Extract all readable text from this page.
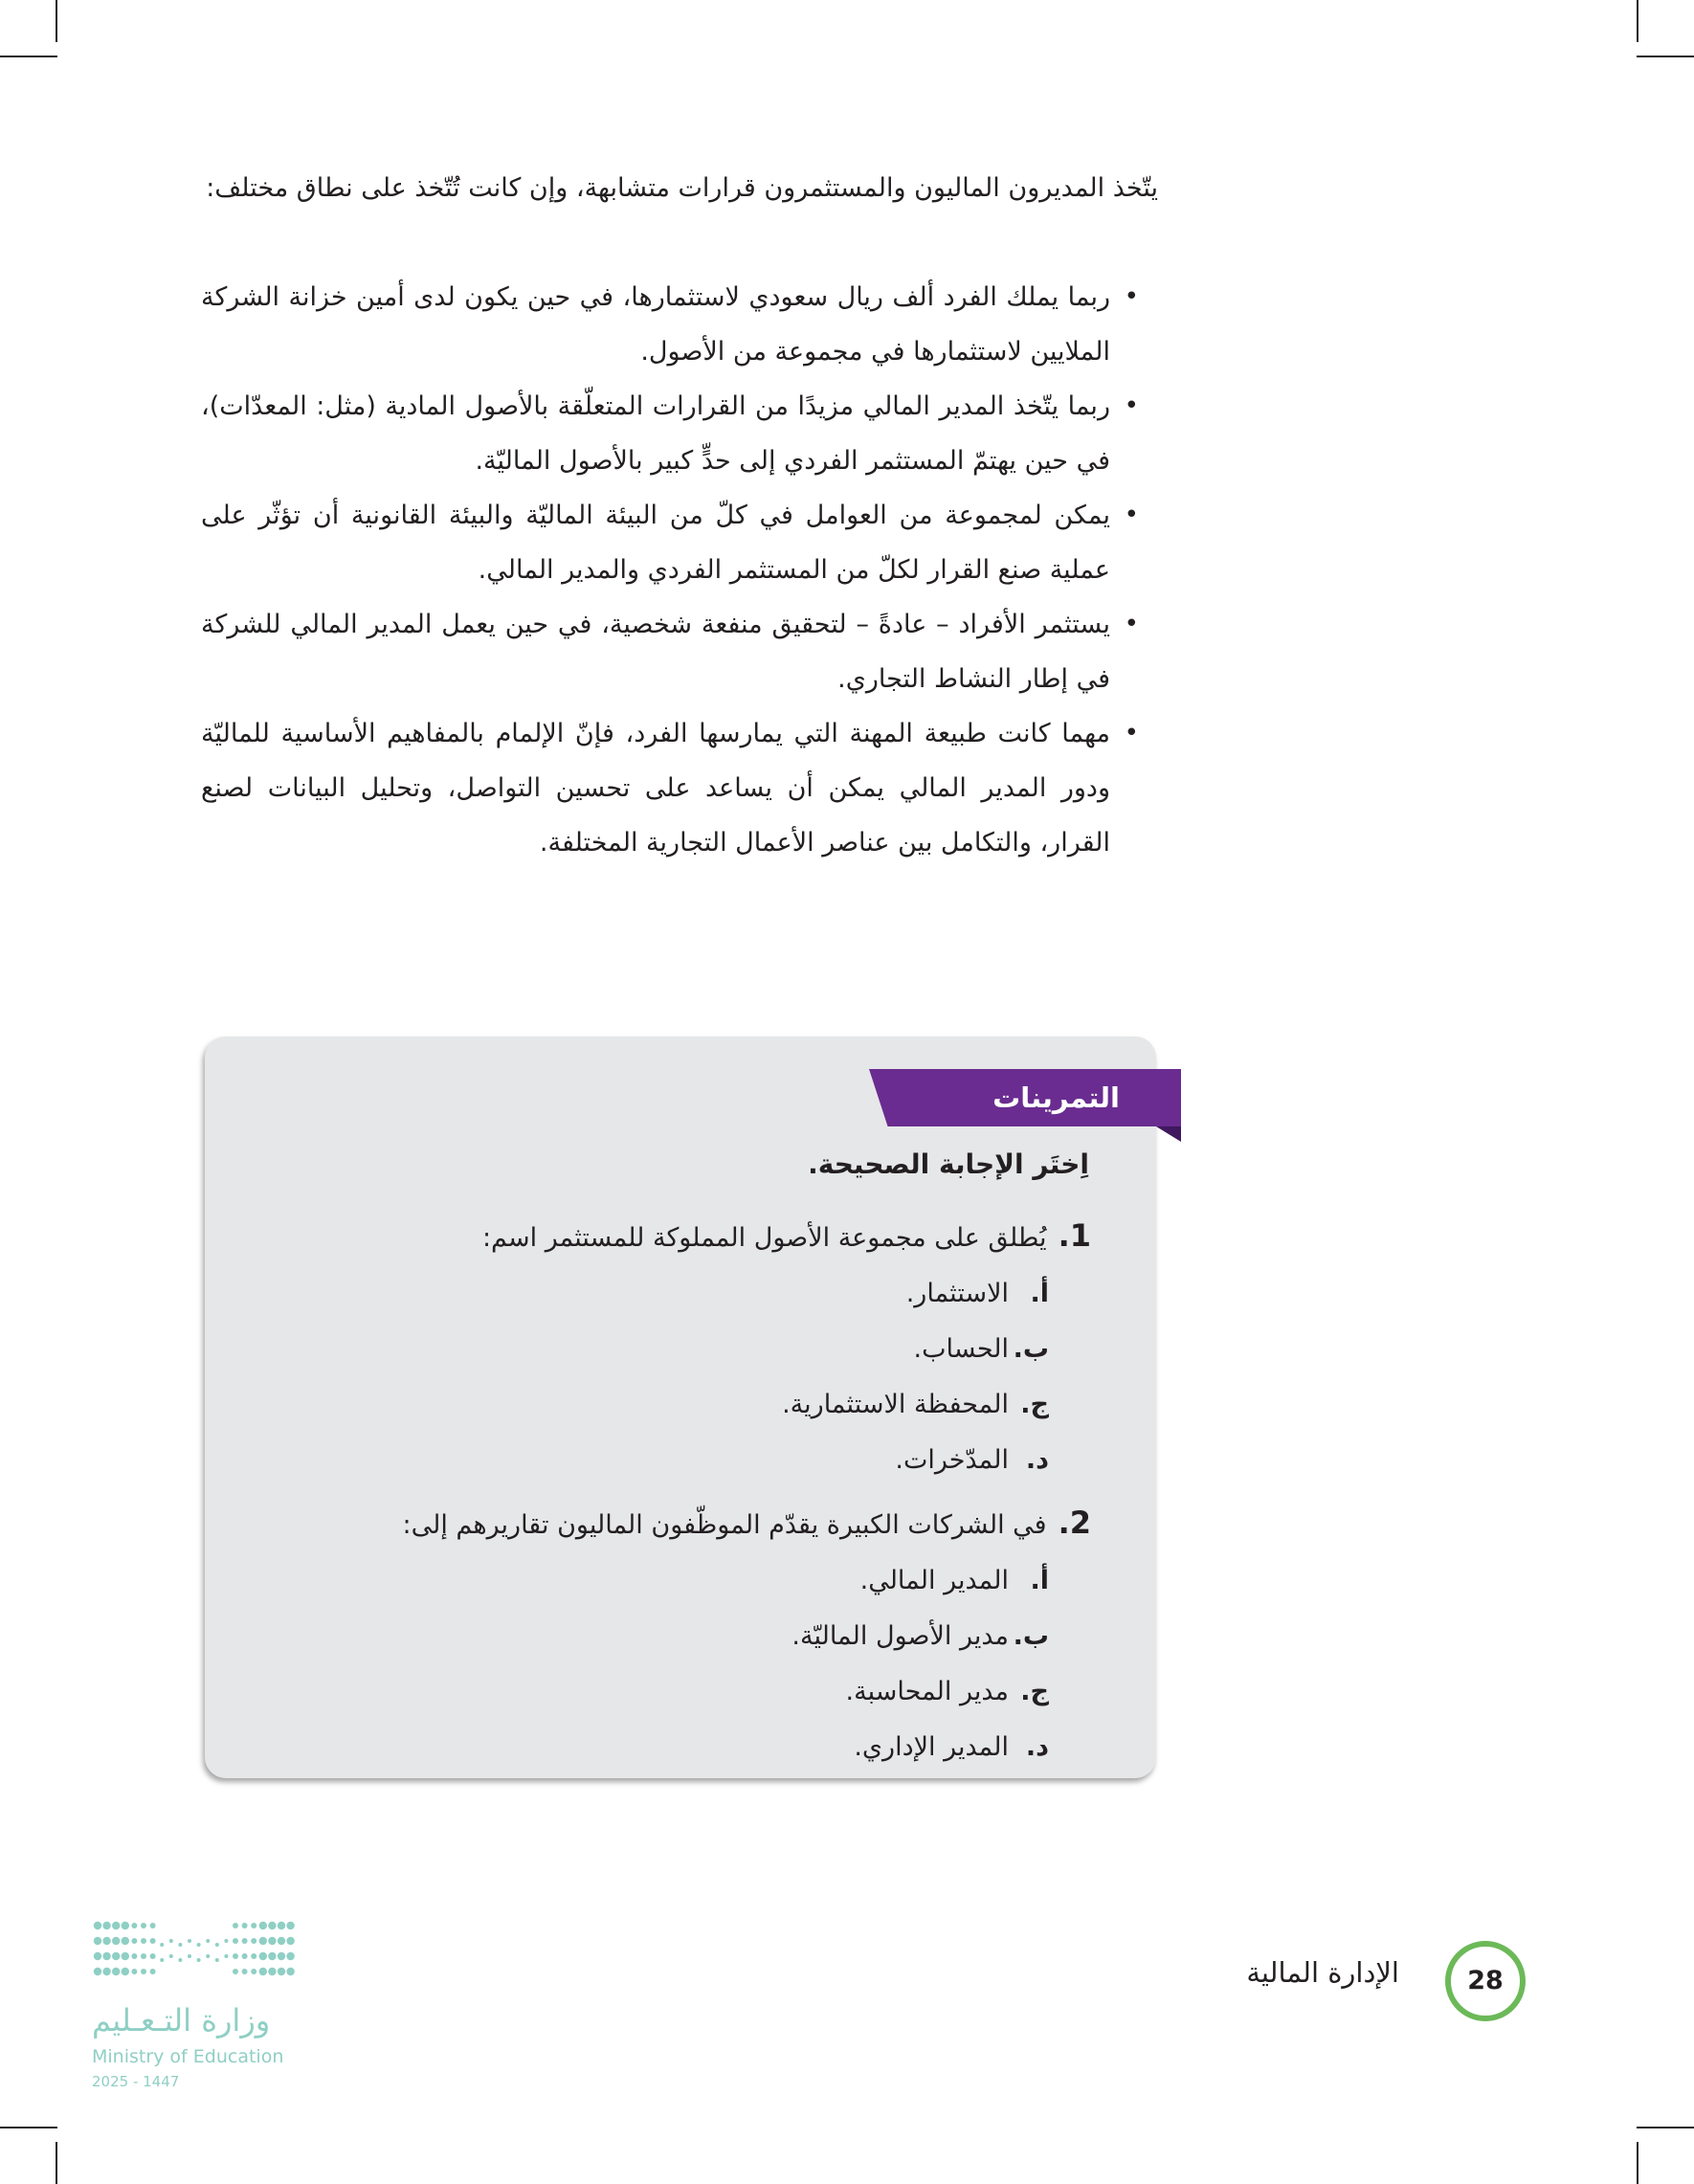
يتّخذ المديرون الماليون والمستثمرون قرارات متشابهة، وإن كانت تُتّخذ على نطاق مختلف:

•
ربما يملك الفرد ألف ريال سعودي لاستثمارها، في حين يكون لدى أمين خزانة الشركة الملايين لاستثمارها في مجموعة من الأصول.
•
ربما يتّخذ المدير المالي مزيدًا من القرارات المتعلّقة بالأصول المادية (مثل: المعدّات)، في حين يهتمّ المستثمر الفردي إلى حدٍّ كبير بالأصول الماليّة.
•
يمكن لمجموعة من العوامل في كلّ من البيئة الماليّة والبيئة القانونية أن تؤثّر على عملية صنع القرار لكلّ من المستثمر الفردي والمدير المالي.
•
يستثمر الأفراد – عادةً – لتحقيق منفعة شخصية، في حين يعمل المدير المالي للشركة في إطار النشاط التجاري.
•
مهما كانت طبيعة المهنة التي يمارسها الفرد، فإنّ الإلمام بالمفاهيم الأساسية للماليّة ودور المدير المالي يمكن أن يساعد على تحسين التواصل، وتحليل البيانات لصنع القرار، والتكامل بين عناصر الأعمال التجارية المختلفة.
التمرينات
اِختَر الإجابة الصحيحة.
1.
يُطلق على مجموعة الأصول المملوكة للمستثمر اسم:
أ.
الاستثمار.
ب.
الحساب.
ج.
المحفظة الاستثمارية.
د.
المدّخرات.
2.
في الشركات الكبيرة يقدّم الموظّفون الماليون تقاريرهم إلى:
أ.
المدير المالي.
ب.
مدير الأصول الماليّة.
ج.
مدير المحاسبة.
د.
المدير الإداري.
28
الإدارة المالية
وزارة التـعـليم
Ministry of Education
2025 - 1447
